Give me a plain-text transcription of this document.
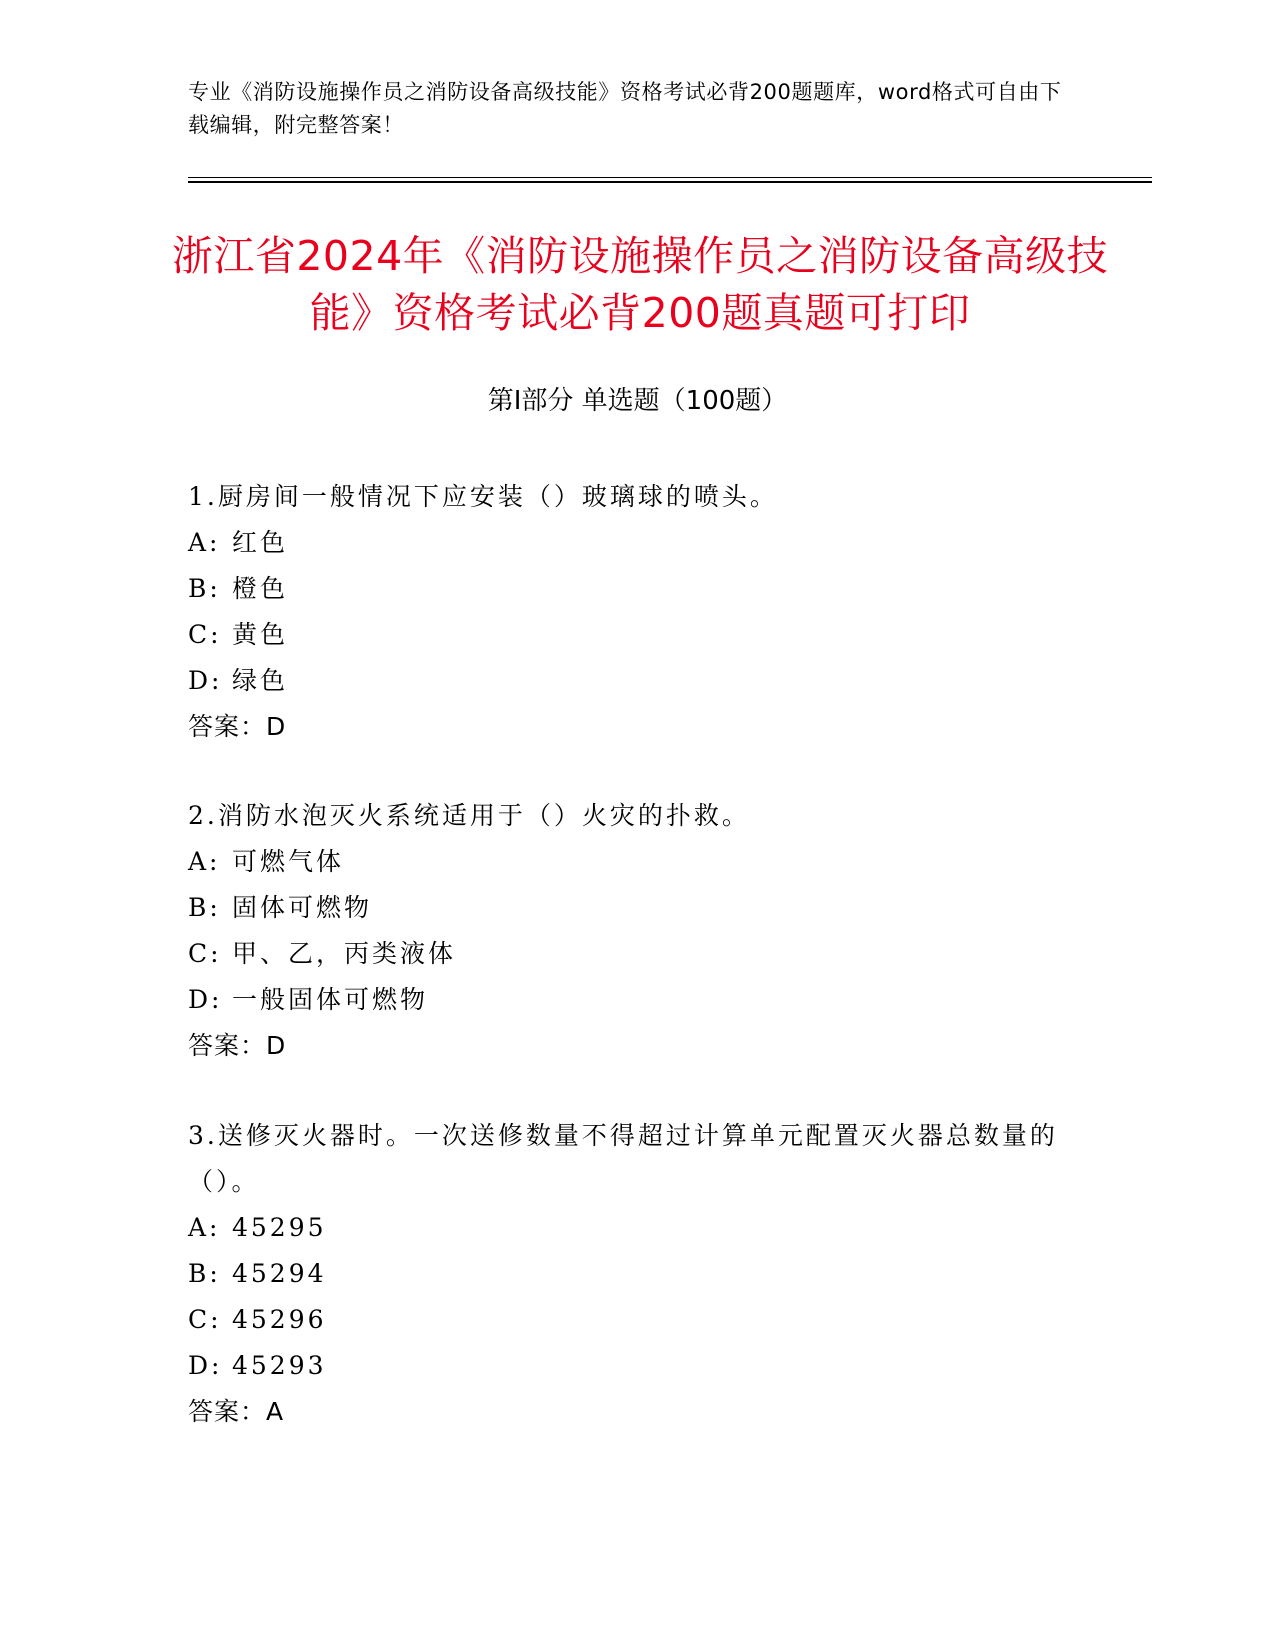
专业《消防设施操作员之消防设备高级技能》资格考试必背200题题库，word格式可自由下载编辑，附完整答案！
浙江省2024年《消防设施操作员之消防设备高级技能》资格考试必背200题真题可打印
第I部分 单选题（100题）
1.厨房间一般情况下应安装（）玻璃球的喷头。
A: 红色
B: 橙色
C: 黄色
D: 绿色
答案：D
2.消防水泡灭火系统适用于（）火灾的扑救。
A: 可燃气体
B: 固体可燃物
C: 甲、乙，丙类液体
D: 一般固体可燃物
答案：D
3.送修灭火器时。一次送修数量不得超过计算单元配置灭火器总数量的（）。
A: 45295
B: 45294
C: 45296
D: 45293
答案：A
